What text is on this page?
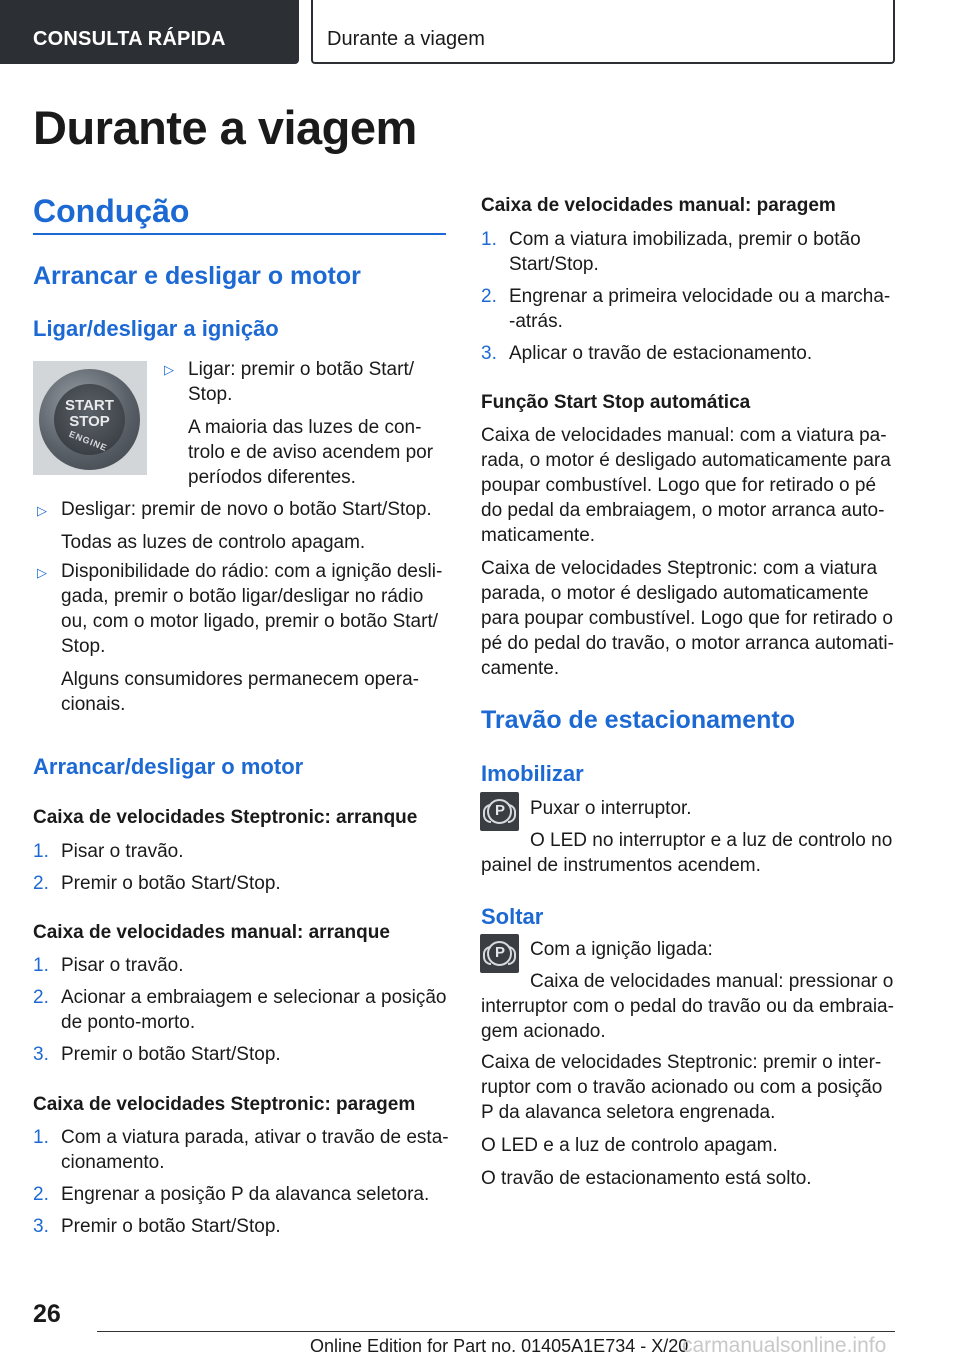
CONSULTA RÁPIDA	Durante a viagem
Durante a viagem
Condução
Arrancar e desligar o motor
Ligar/desligar a ignição
START
STOP
ENGINE
▷ Ligar: premir o botão Start/
Stop.
A maioria das luzes de con-
trolo e de aviso acendem por
períodos diferentes.
▷ Desligar: premir de novo o botão Start/Stop.
Todas as luzes de controlo apagam.
▷ Disponibilidade do rádio: com a ignição desli-
gada, premir o botão ligar/desligar no rádio
ou, com o motor ligado, premir o botão Start/
Stop.
Alguns consumidores permanecem opera-
cionais.
Arrancar/desligar o motor
Caixa de velocidades Steptronic: arranque
1. Pisar o travão.
2. Premir o botão Start/Stop.
Caixa de velocidades manual: arranque
1. Pisar o travão.
2. Acionar a embraiagem e selecionar a posição
de ponto-morto.
3. Premir o botão Start/Stop.
Caixa de velocidades Steptronic: paragem
1. Com a viatura parada, ativar o travão de esta-
cionamento.
2. Engrenar a posição P da alavanca seletora.
3. Premir o botão Start/Stop.
Caixa de velocidades manual: paragem
1. Com a viatura imobilizada, premir o botão
Start/Stop.
2. Engrenar a primeira velocidade ou a marcha-
-atrás.
3. Aplicar o travão de estacionamento.
Função Start Stop automática
Caixa de velocidades manual: com a viatura pa-
rada, o motor é desligado automaticamente para
poupar combustível. Logo que for retirado o pé
do pedal da embraiagem, o motor arranca auto-
maticamente.
Caixa de velocidades Steptronic: com a viatura
parada, o motor é desligado automaticamente
para poupar combustível. Logo que for retirado o
pé do pedal do travão, o motor arranca automati-
camente.
Travão de estacionamento
Imobilizar
P Puxar o interruptor.
O LED no interruptor e a luz de controlo no
painel de instrumentos acendem.
Soltar
P Com a ignição ligada:
Caixa de velocidades manual: pressionar o
interruptor com o pedal do travão ou da embraia-
gem acionado.
Caixa de velocidades Steptronic: premir o inter-
ruptor com o travão acionado ou com a posição
P da alavanca seletora engrenada.
O LED e a luz de controlo apagam.
O travão de estacionamento está solto.
26
Online Edition for Part no. 01405A1E734 - X/20
carmanualsonline.info
